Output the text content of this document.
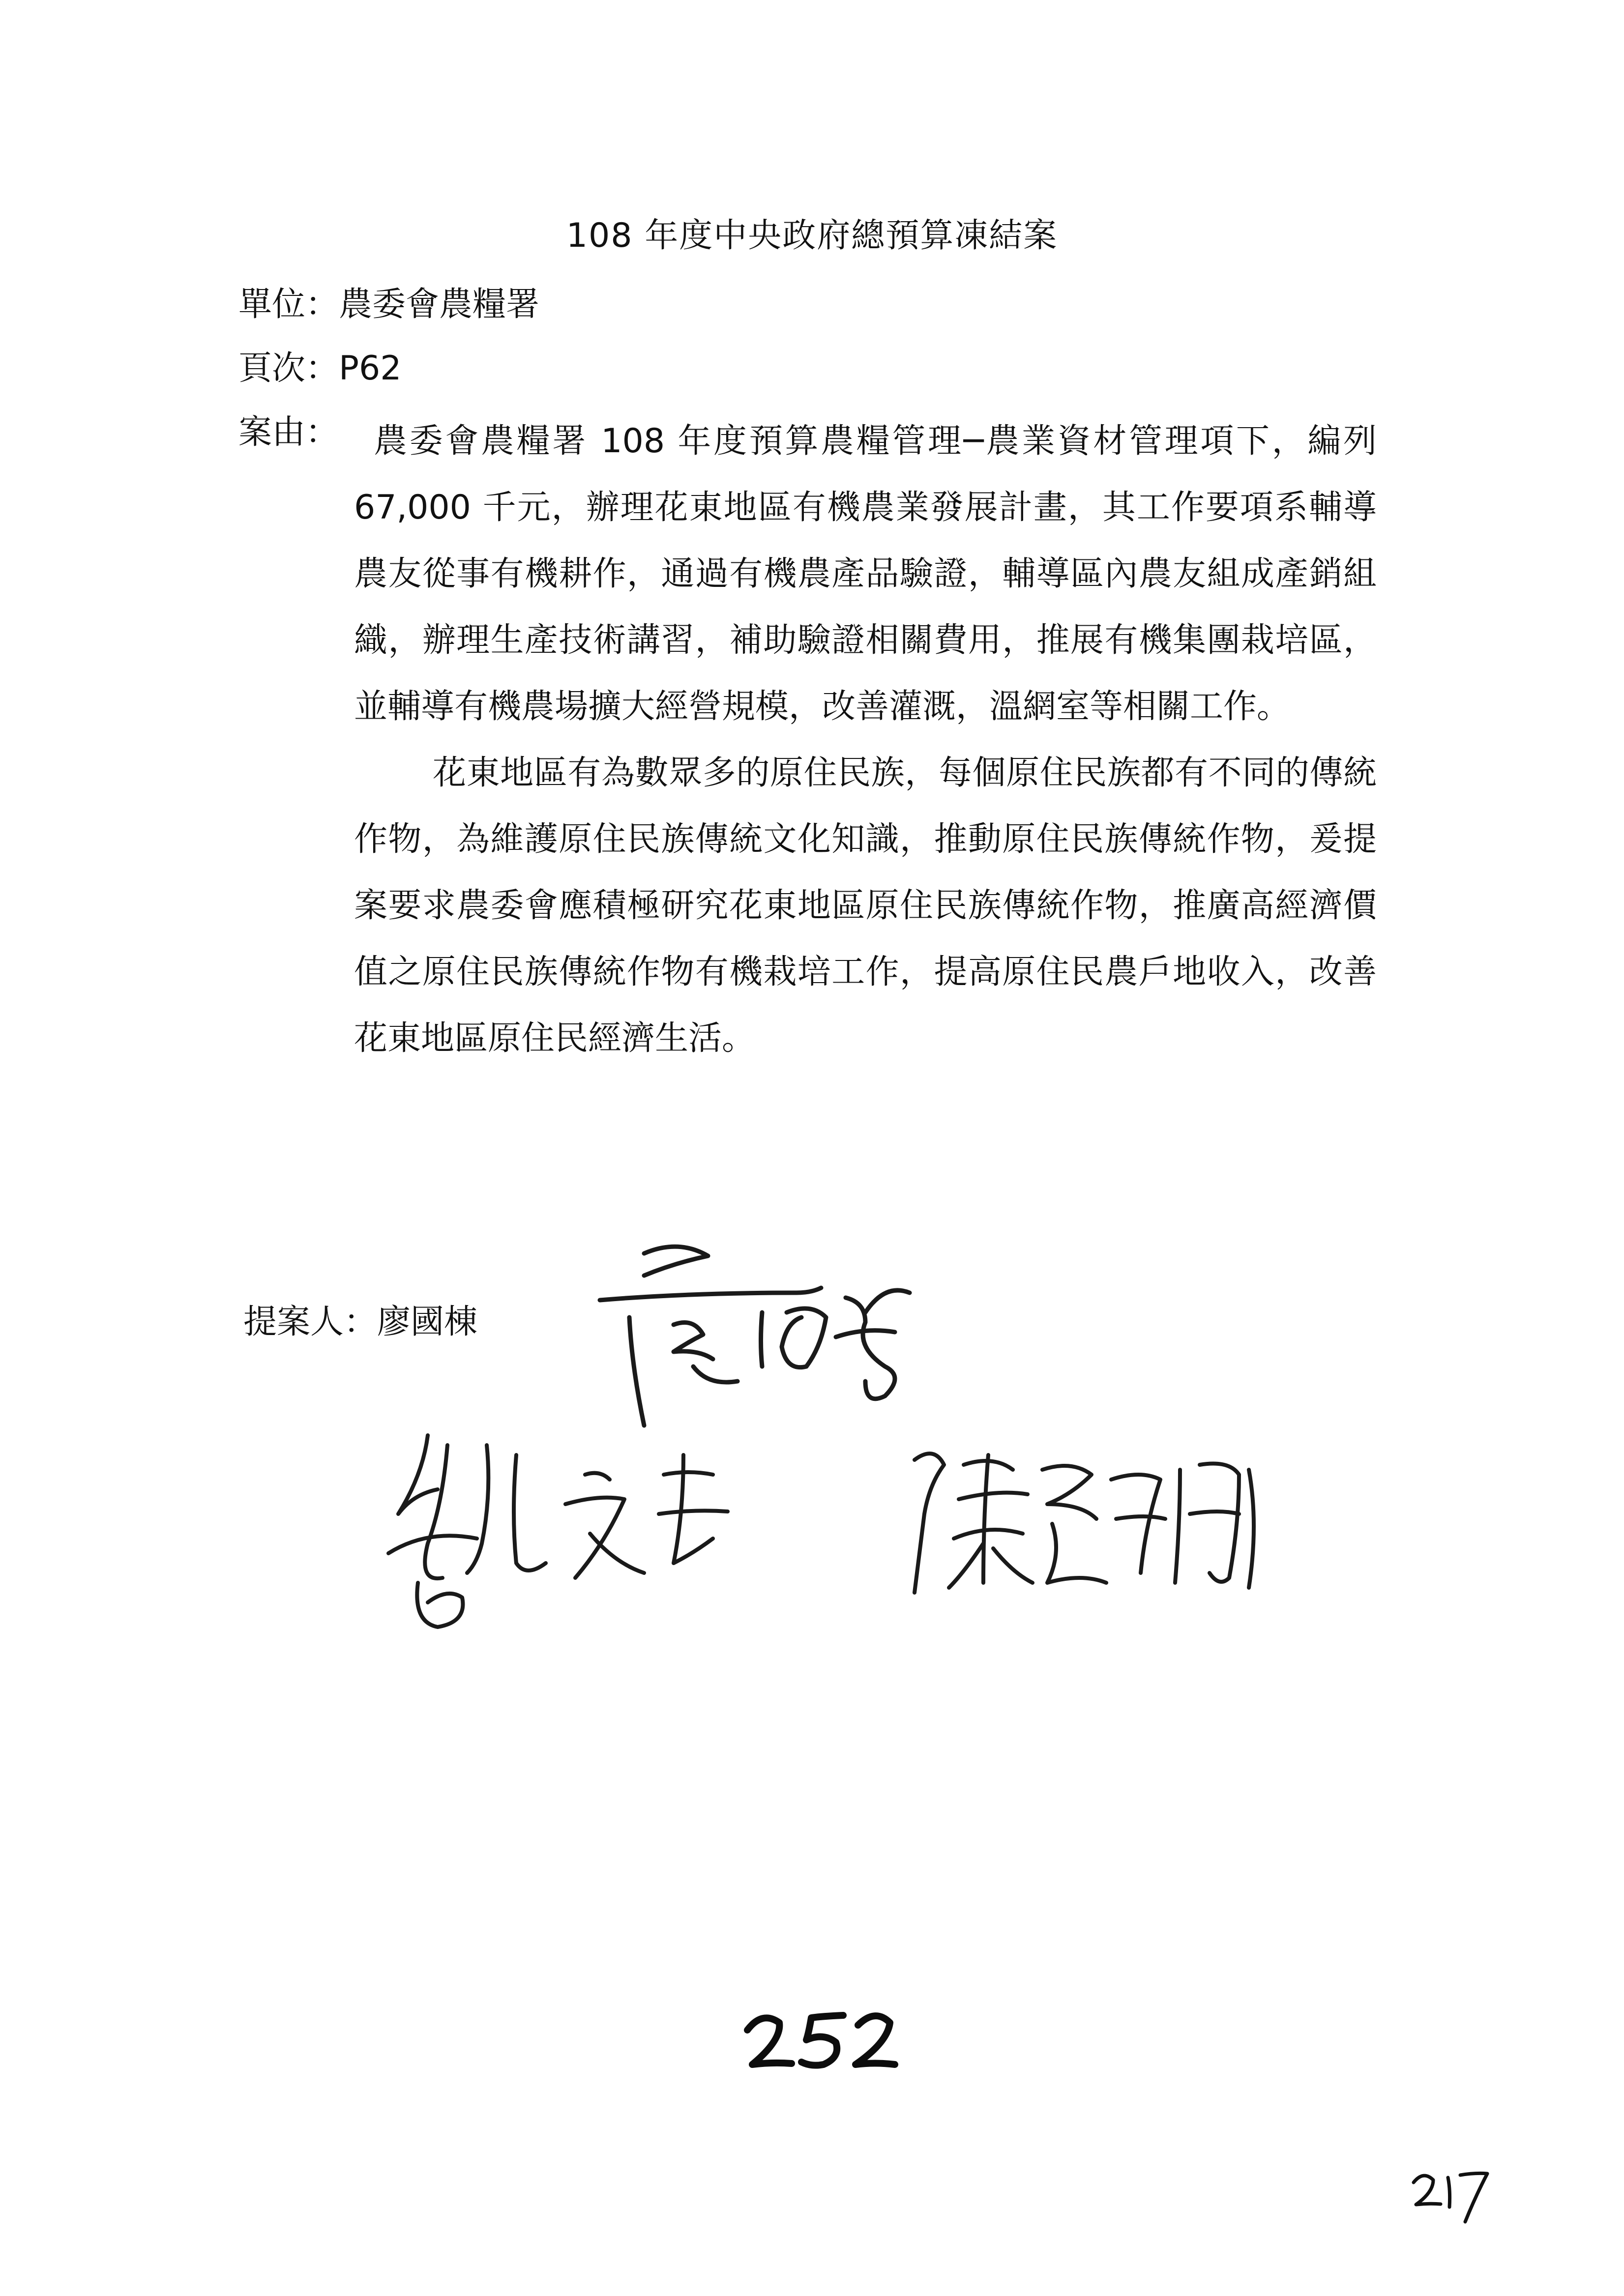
108 年度中央政府總預算凍結案
單位：農委會農糧署
頁次：P62
案由：	農委會農糧署 108 年度預算農糧管理─農業資材管理項下，編列 67,000 千元，辦理花東地區有機農業發展計畫，其工作要項系輔導農友從事有機耕作，通過有機農產品驗證，輔導區內農友組成產銷組織，辦理生產技術講習，補助驗證相關費用，推展有機集團栽培區，並輔導有機農場擴大經營規模，改善灌溉，溫網室等相關工作。

花東地區有為數眾多的原住民族，每個原住民族都有不同的傳統作物，為維護原住民族傳統文化知識，推動原住民族傳統作物，爰提案要求農委會應積極研究花東地區原住民族傳統作物，推廣高經濟價值之原住民族傳統作物有機栽培工作，提高原住民農戶地收入，改善花東地區原住民經濟生活。

提案人：廖國棟
